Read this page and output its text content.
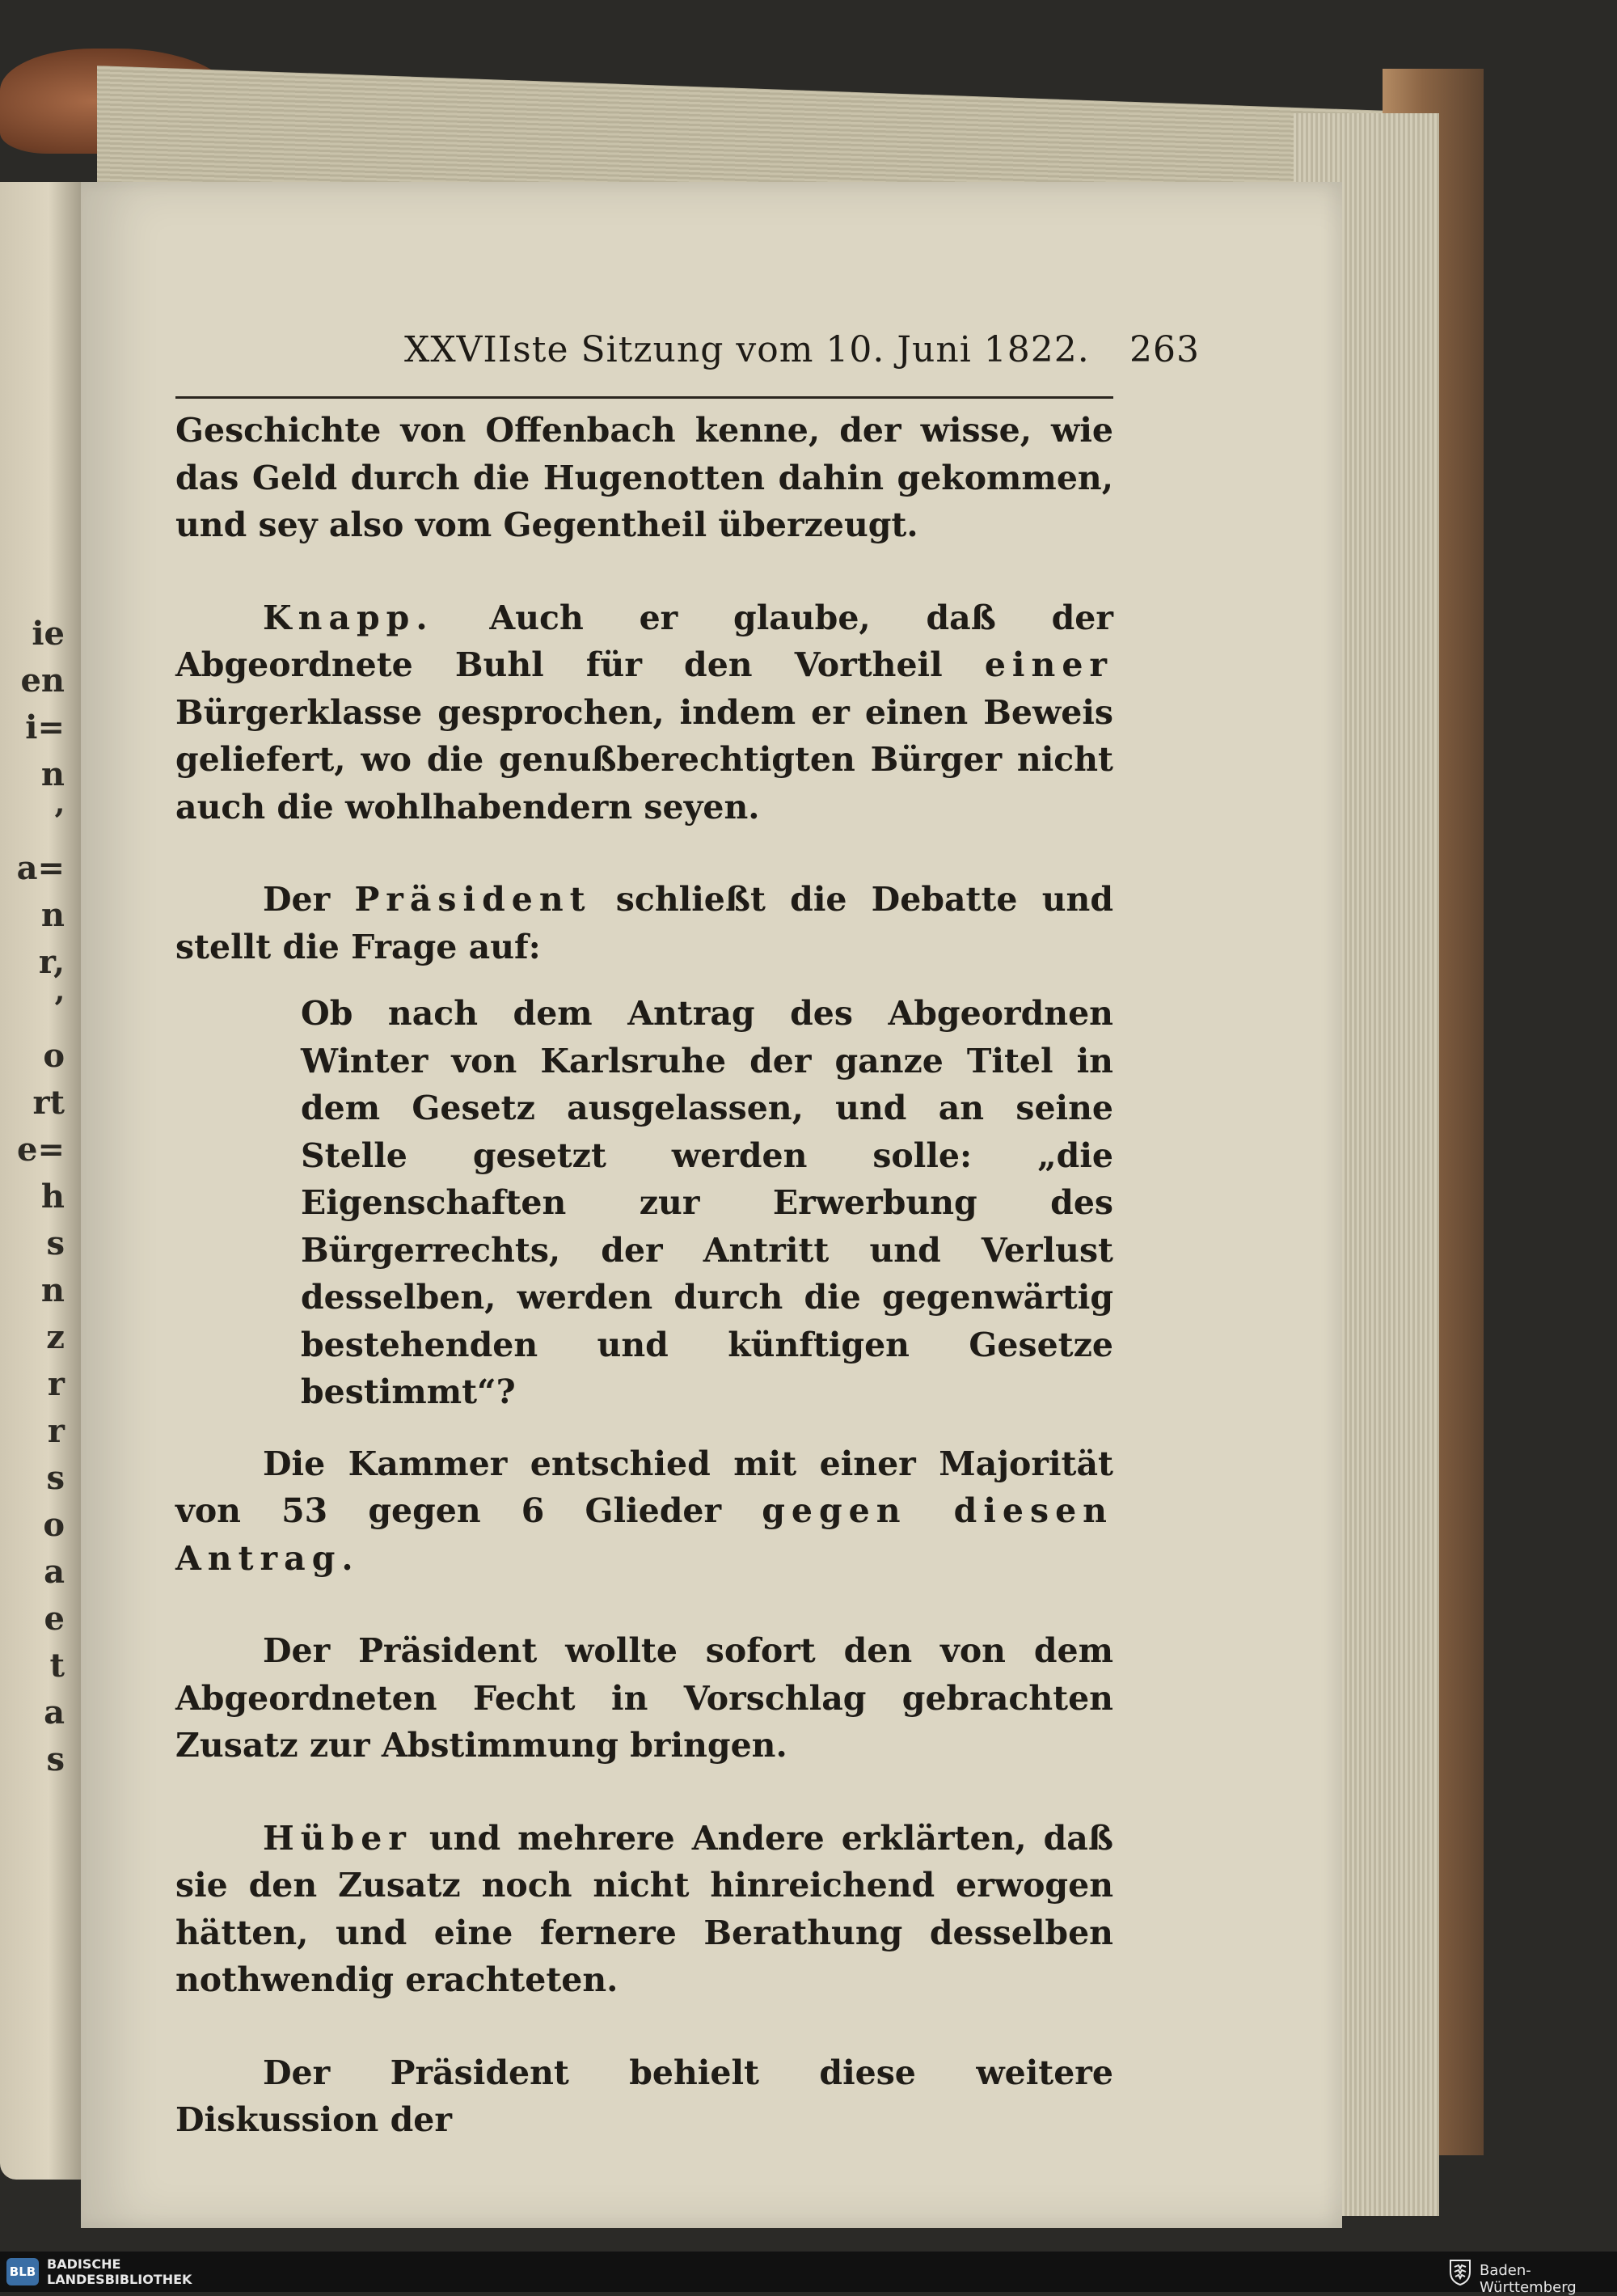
ie
en
i=
n
’
a=
n
r,
’
o
rt
e=
h
s
n
z
r
r
s
o
a
e
t
a
s
XXVIIste Sitzung vom 10. Juni 1822. 263

Geschichte von Offenbach kenne, der wisse, wie das Geld durch die Hugenotten dahin gekommen, und sey also vom Gegentheil überzeugt.

Knapp. Auch er glaube, daß der Abgeordnete Buhl für den Vortheil einer Bürgerklasse gesprochen, indem er einen Beweis geliefert, wo die genußberechtigten Bürger nicht auch die wohlhabendern seyen.

Der Präsident schließt die Debatte und stellt die Frage auf:

Ob nach dem Antrag des Abgeordnen Winter von Karlsruhe der ganze Titel in dem Gesetz ausgelassen, und an seine Stelle gesetzt werden solle: „die Eigenschaften zur Erwerbung des Bürgerrechts, der Antritt und Verlust desselben, werden durch die gegenwärtig bestehenden und künftigen Gesetze bestimmt“?

Die Kammer entschied mit einer Majorität von 53 gegen 6 Glieder gegen diesen Antrag.

Der Präsident wollte sofort den von dem Abgeordneten Fecht in Vorschlag gebrachten Zusatz zur Abstimmung bringen.

Hüber und mehrere Andere erklärten, daß sie den Zusatz noch nicht hinreichend erwogen hätten, und eine fernere Berathung desselben nothwendig erachteten.

Der Präsident behielt diese weitere Diskussion der

BLB BADISCHE
LANDESBIBLIOTHEK
Baden-Württemberg
